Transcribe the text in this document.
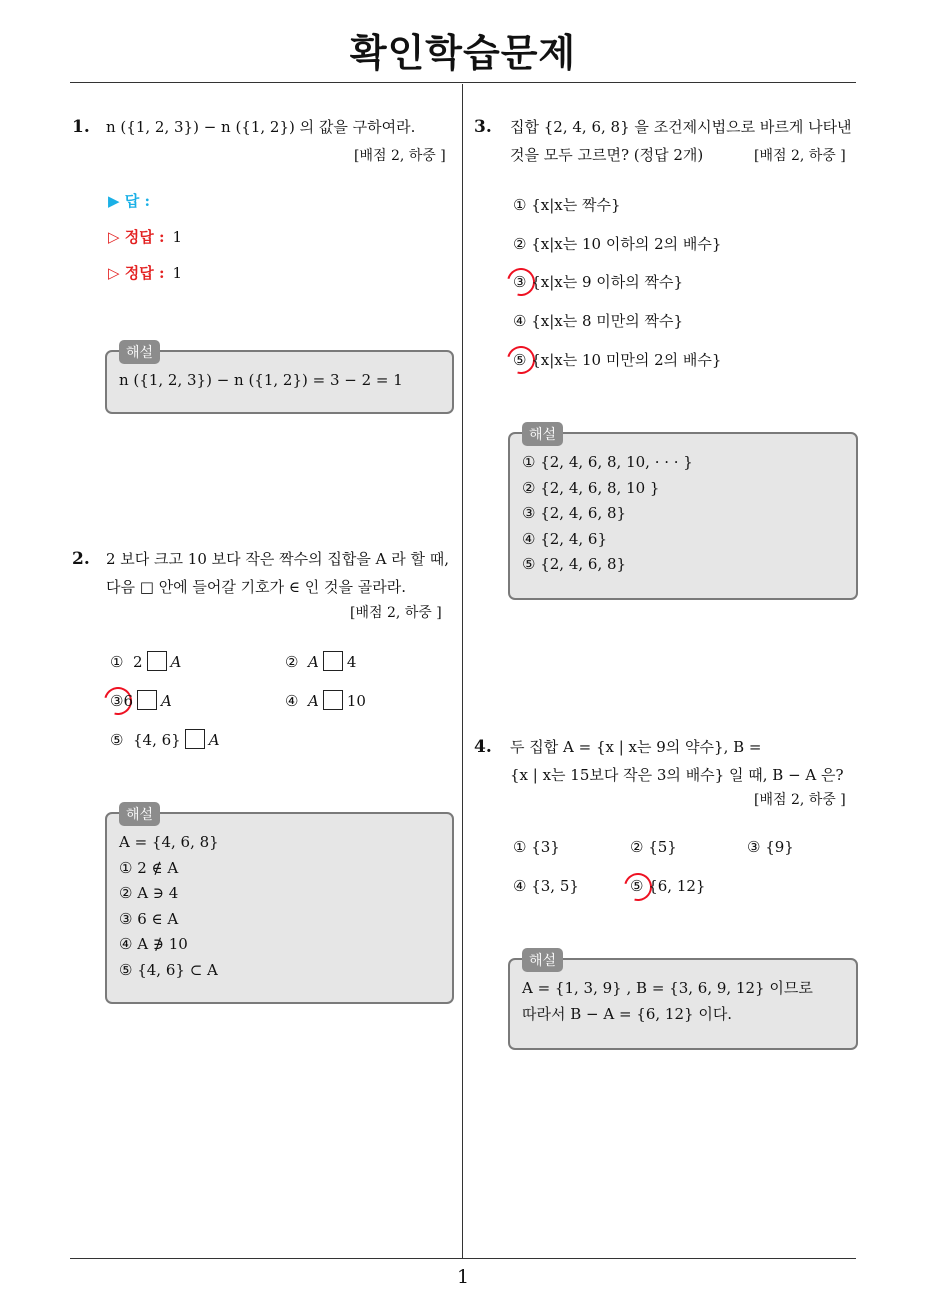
확인학습문제
1
1. n ({1, 2, 3}) − n ({1, 2}) 의 값을 구하여라.
[배점 2, 하중 ]
▶ 답 :
▷ 정답 : 1
▷ 정답 : 1
해설
n ({1, 2, 3}) − n ({1, 2}) = 3 − 2 = 1
2. 2 보다 크고 10 보다 작은 짝수의 집합을 A 라 할 때,
다음 □ 안에 들어갈 기호가 ∈ 인 것을 골라라.
[배점 2, 하중 ]
① 2 A	② A 4
③6 A	④ A 10
⑤ {4, 6} A
해설
A = {4, 6, 8}
① 2 ∉ A
② A ∋ 4
③ 6 ∈ A
④ A ∌ 10
⑤ {4, 6} ⊂ A
3. 집합 {2, 4, 6, 8} 을 조건제시법으로 바르게 나타낸
것을 모두 고르면? (정답 2개)	[배점 2, 하중 ]
① {x|x는 짝수}
② {x|x는 10 이하의 2의 배수}
③ {x|x는 9 이하의 짝수}
④ {x|x는 8 미만의 짝수}
⑤ {x|x는 10 미만의 2의 배수}
해설
① {2, 4, 6, 8, 10, · · · }
② {2, 4, 6, 8, 10 }
③ {2, 4, 6, 8}
④ {2, 4, 6}
⑤ {2, 4, 6, 8}
4. 두 집합 A = {x | x는 9의 약수}, B =
{x | x는 15보다 작은 3의 배수} 일 때, B − A 은?
[배점 2, 하중 ]
① {3}	② {5}	③ {9}
④ {3, 5}	⑤ {6, 12}
해설
A = {1, 3, 9} , B = {3, 6, 9, 12} 이므로
따라서 B − A = {6, 12} 이다.
